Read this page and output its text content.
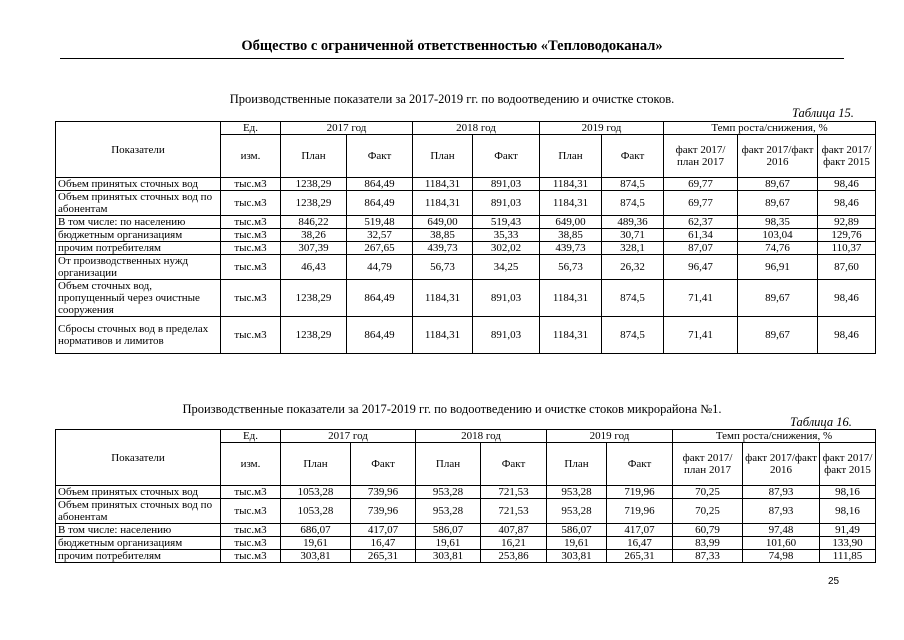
Общество с ограниченной ответственностью «Тепловодоканал»
Производственные показатели за 2017-2019 гг. по водоотведению и очистке стоков.
Таблица 15.
Показатели	Ед.	2017 год		2018 год		2019 год		Темп роста/снижения, %		
	изм.	План	Факт	План	Факт	План	Факт	факт 2017/ план 2017	факт 2017/факт 2016	факт 2017/факт 2015
Объем принятых сточных вод	тыс.м3	1238,29	864,49	1184,31	891,03	1184,31	874,5	69,77	89,67	98,46
Объем принятых сточных вод по абонентам	тыс.м3	1238,29	864,49	1184,31	891,03	1184,31	874,5	69,77	89,67	98,46
В том числе: по населению	тыс.м3	846,22	519,48	649,00	519,43	649,00	489,36	62,37	98,35	92,89
бюджетным организациям	тыс.м3	38,26	32,57	38,85	35,33	38,85	30,71	61,34	103,04	129,76
прочим потребителям	тыс.м3	307,39	267,65	439,73	302,02	439,73	328,1	87,07	74,76	110,37
От производственных нужд организации	тыс.м3	46,43	44,79	56,73	34,25	56,73	26,32	96,47	96,91	87,60
Объем сточных вод, пропущенный через очистные сооружения	тыс.м3	1238,29	864,49	1184,31	891,03	1184,31	874,5	71,41	89,67	98,46
Сбросы сточных вод в пределах нормативов и лимитов	тыс.м3	1238,29	864,49	1184,31	891,03	1184,31	874,5	71,41	89,67	98,46
Производственные показатели за 2017-2019 гг. по водоотведению и очистке стоков микрорайона №1.
Таблица 16.
Показатели	Ед.	2017 год		2018 год		2019 год		Темп роста/снижения, %		
	изм.	План	Факт	План	Факт	План	Факт	факт 2017/ план 2017	факт 2017/факт 2016	факт 2017/факт 2015
Объем принятых сточных вод	тыс.м3	1053,28	739,96	953,28	721,53	953,28	719,96	70,25	87,93	98,16
Объем принятых сточных вод по абонентам	тыс.м3	1053,28	739,96	953,28	721,53	953,28	719,96	70,25	87,93	98,16
В том числе: населению	тыс.м3	686,07	417,07	586,07	407,87	586,07	417,07	60,79	97,48	91,49
бюджетным организациям	тыс.м3	19,61	16,47	19,61	16,21	19,61	16,47	83,99	101,60	133,90
прочим потребителям	тыс.м3	303,81	265,31	303,81	253,86	303,81	265,31	87,33	74,98	111,85
25
